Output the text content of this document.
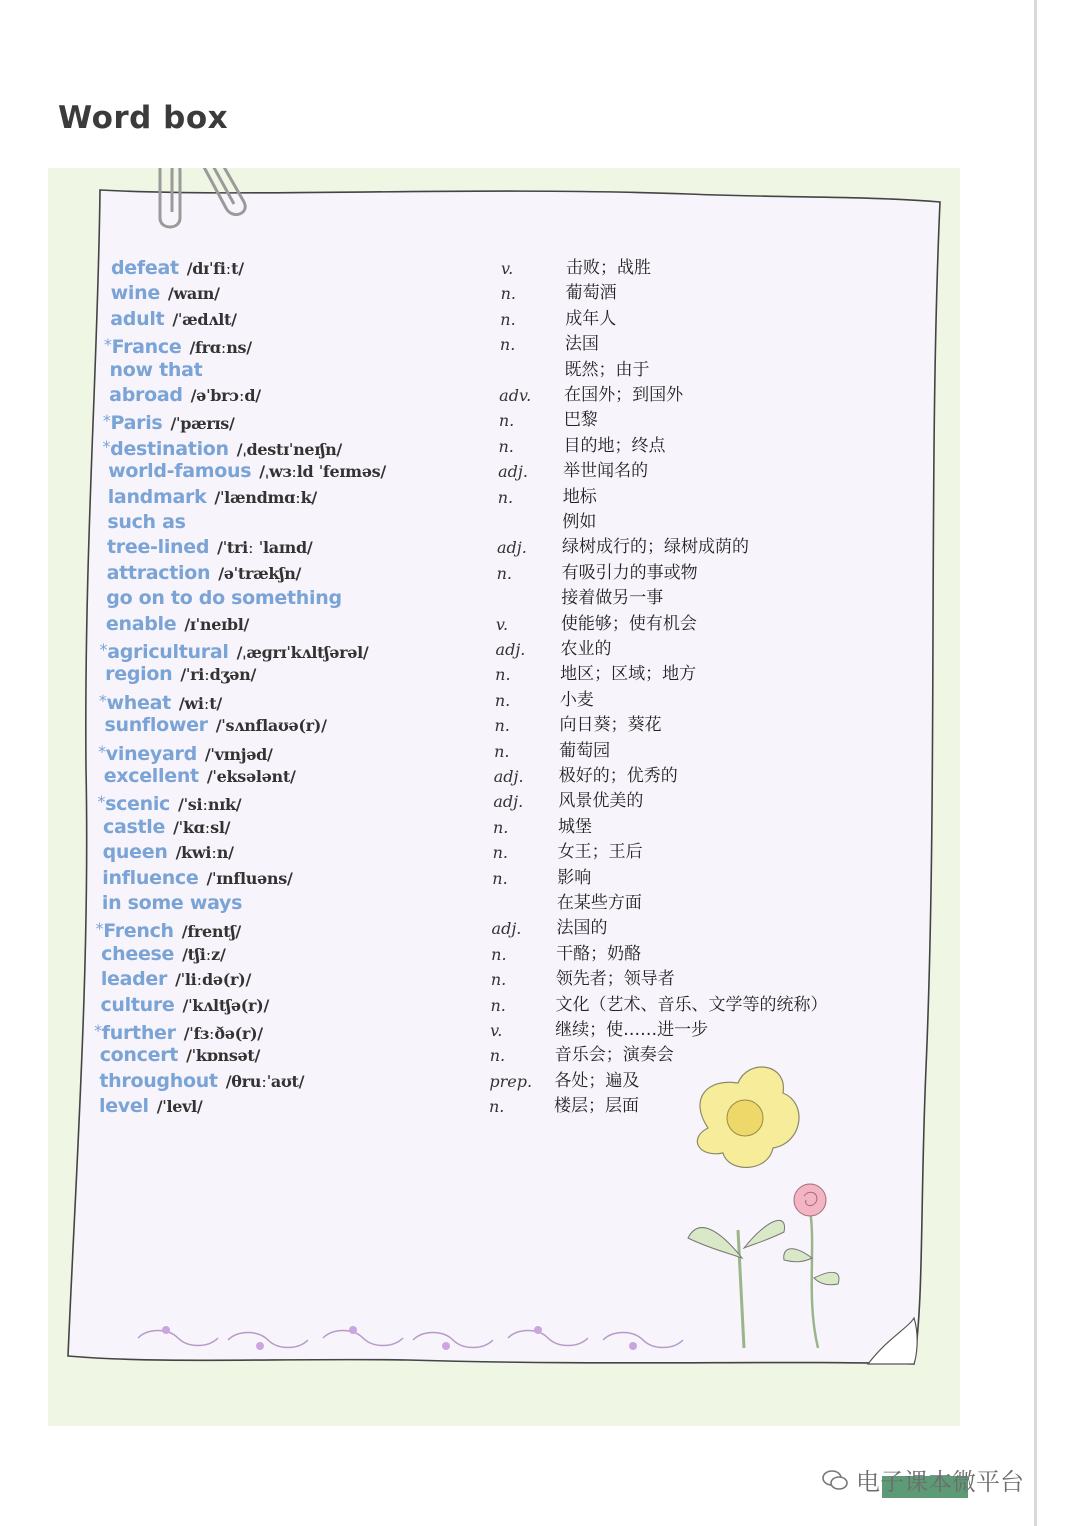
Word box
defeat /dɪˈfiːt/	v.	击败；战胜
wine /waɪn/	n.	葡萄酒
adult /ˈædʌlt/	n.	成年人
*France /frɑːns/	n.	法国
now that	既然；由于
abroad /əˈbrɔːd/	adv. 在国外；到国外
*Paris /ˈpærɪs/	n.	巴黎
*destination /ˌdestɪˈneɪʃn/	n.	目的地；终点
world-famous /ˌwɜːld ˈfeɪməs/	adj. 举世闻名的
landmark /ˈlændmɑːk/	n.	地标
such as	例如
tree-lined /ˈtriː ˈlaɪnd/	adj. 绿树成行的；绿树成荫的
attraction /əˈtrækʃn/	n.	有吸引力的事或物
go on to do something	接着做另一事
enable /ɪˈneɪbl/	v.	使能够；使有机会
*agricultural /ˌæɡrɪˈkʌltʃərəl/	adj. 农业的
region /ˈriːdʒən/	n.	地区；区域；地方
*wheat /wiːt/	n.	小麦
sunflower /ˈsʌnflaʊə(r)/	n.	向日葵；葵花
*vineyard /ˈvɪnjəd/	n.	葡萄园
excellent /ˈeksələnt/	adj. 极好的；优秀的
*scenic /ˈsiːnɪk/	adj. 风景优美的
castle /ˈkɑːsl/	n.	城堡
queen /kwiːn/	n.	女王；王后
influence /ˈɪnfluəns/	n.	影响
in some ways	在某些方面
*French /frentʃ/	adj. 法国的
cheese /tʃiːz/	n.	干酪；奶酪
leader /ˈliːdə(r)/	n.	领先者；领导者
culture /ˈkʌltʃə(r)/	n.	文化（艺术、音乐、文学等的统称）
*further /ˈfɜːðə(r)/	v.	继续；使……进一步
concert /ˈkɒnsət/	n.	音乐会；演奏会
throughout /θruːˈaʊt/	prep. 各处；遍及
level /ˈlevl/	n.	楼层；层面
电子课本微平台
